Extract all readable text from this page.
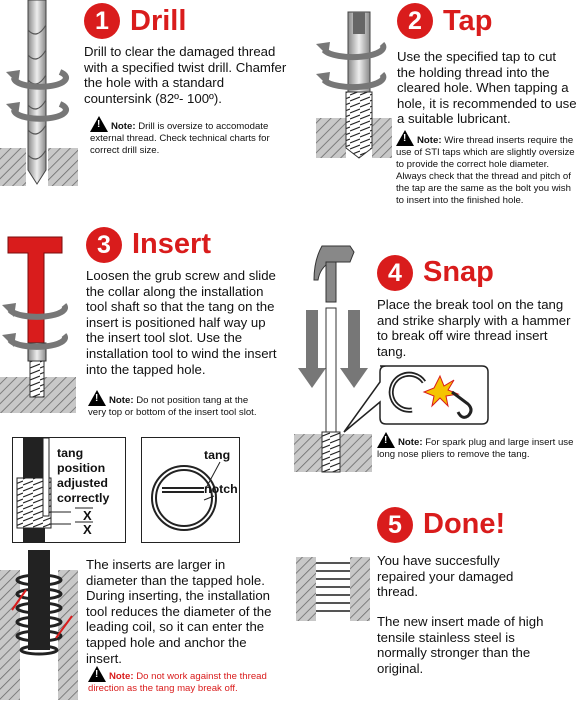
1 Drill
Drill to clear the damaged thread with a specified twist drill. Chamfer the hole with a standard countersink (82º- 100º).
!Note: Drill is oversize to accomodate external thread. Check technical charts for correct drill size.
2 Tap
Use the specified tap to cut the holding thread into the cleared hole. When tapping a hole, it is recommended to use a suitable lubricant.
!Note: Wire thread inserts require the use of STI taps which are slightly oversize to provide the correct hole diameter. Always check that the thread and pitch of the tap are the same as the bolt you wish to insert into the finished hole.
3 Insert
Loosen the grub screw and slide the collar along the installation tool shaft so that the tang on the insert is positioned half way up the insert tool slot. Use the installation tool to wind the insert into the tapped hole.
!Note: Do not position tang at the very top or bottom of the insert tool slot.
X
X
tang position adjusted correctly
tang
notch
The inserts are larger in diameter than the tapped hole. During inserting, the installation tool reduces the diameter of the leading coil, so it can enter the tapped hole and anchor the insert.
!Note: Do not work against the thread direction as the tang may break off.
4 Snap
Place the break tool on the tang and strike sharply with a hammer to break off wire thread insert tang.
!Note: For spark plug and large insert use long nose pliers to remove the tang.
5 Done!
You have succesfully repaired your damaged thread.
The new insert made of high tensile stainless steel is normally stronger than the original.
